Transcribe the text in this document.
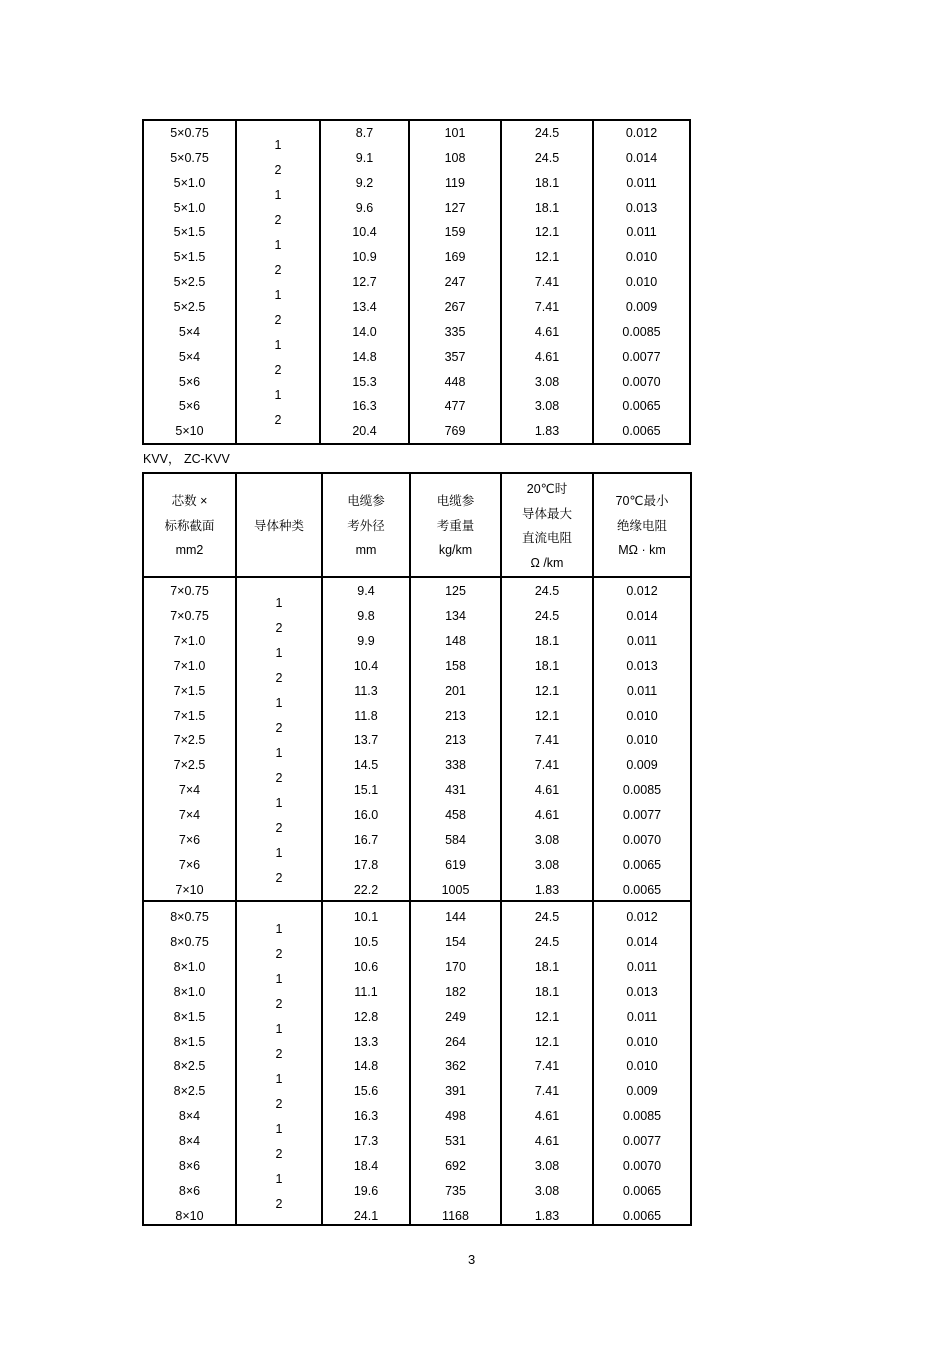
5×0.75
5×0.75
5×1.0
5×1.0
5×1.5
5×1.5
5×2.5
5×2.5
5×4
5×4
5×6
5×6
5×10
1
2
1
2
1
2
1
2
1
2
1
2
8.7
9.1
9.2
9.6
10.4
10.9
12.7
13.4
14.0
14.8
15.3
16.3
20.4
101
108
119
127
159
169
247
267
335
357
448
477
769
24.5
24.5
18.1
18.1
12.1
12.1
7.41
7.41
4.61
4.61
3.08
3.08
1.83
0.012
0.014
0.011
0.013
0.011
0.010
0.010
0.009
0.0085
0.0077
0.0070
0.0065
0.0065
KVV， ZC-KVV
芯数 ×
标称截面
mm2
导体种类
电缆参
考外径
mm
电缆参
考重量
kg/km
20℃时
导体最大
直流电阻
Ω /km
70℃最小
绝缘电阻
MΩ · km
7×0.75
7×0.75
7×1.0
7×1.0
7×1.5
7×1.5
7×2.5
7×2.5
7×4
7×4
7×6
7×6
7×10
8×0.75
8×0.75
8×1.0
8×1.0
8×1.5
8×1.5
8×2.5
8×2.5
8×4
8×4
8×6
8×6
8×10
1
2
1
2
1
2
1
2
1
2
1
2
1
2
1
2
1
2
1
2
1
2
1
2
9.4
9.8
9.9
10.4
11.3
11.8
13.7
14.5
15.1
16.0
16.7
17.8
22.2
10.1
10.5
10.6
11.1
12.8
13.3
14.8
15.6
16.3
17.3
18.4
19.6
24.1
125
134
148
158
201
213
213
338
431
458
584
619
1005
144
154
170
182
249
264
362
391
498
531
692
735
1168
24.5
24.5
18.1
18.1
12.1
12.1
7.41
7.41
4.61
4.61
3.08
3.08
1.83
24.5
24.5
18.1
18.1
12.1
12.1
7.41
7.41
4.61
4.61
3.08
3.08
1.83
0.012
0.014
0.011
0.013
0.011
0.010
0.010
0.009
0.0085
0.0077
0.0070
0.0065
0.0065
0.012
0.014
0.011
0.013
0.011
0.010
0.010
0.009
0.0085
0.0077
0.0070
0.0065
0.0065
3
